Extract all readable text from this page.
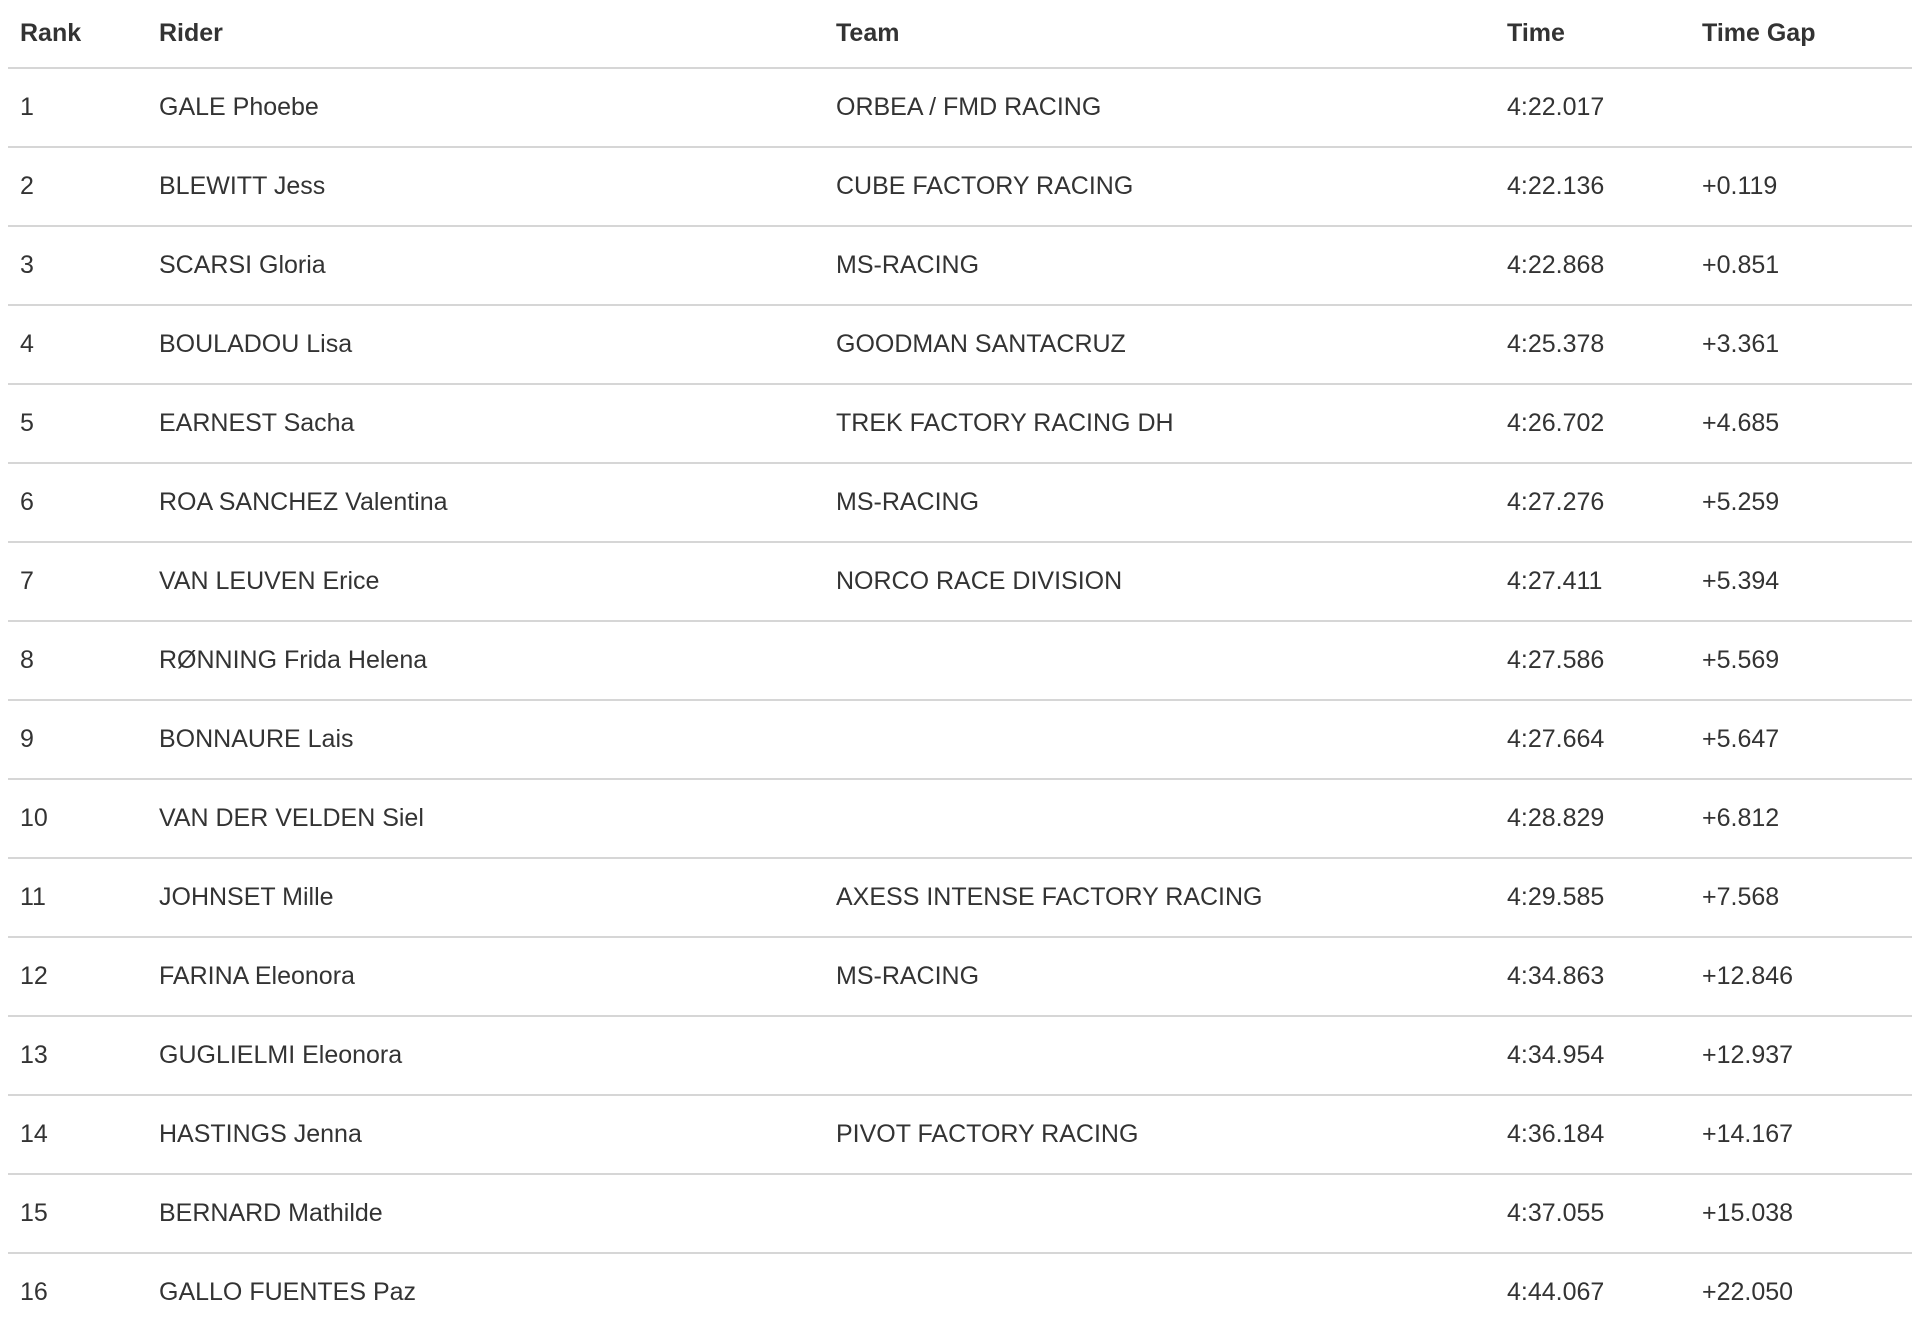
Rank	Rider	Team	Time	Time Gap
1	GALE Phoebe	ORBEA / FMD RACING	4:22.017	
2	BLEWITT Jess	CUBE FACTORY RACING	4:22.136	+0.119
3	SCARSI Gloria	MS-RACING	4:22.868	+0.851
4	BOULADOU Lisa	GOODMAN SANTACRUZ	4:25.378	+3.361
5	EARNEST Sacha	TREK FACTORY RACING DH	4:26.702	+4.685
6	ROA SANCHEZ Valentina	MS-RACING	4:27.276	+5.259
7	VAN LEUVEN Erice	NORCO RACE DIVISION	4:27.411	+5.394
8	RØNNING Frida Helena		4:27.586	+5.569
9	BONNAURE Lais		4:27.664	+5.647
10	VAN DER VELDEN Siel		4:28.829	+6.812
11	JOHNSET Mille	AXESS INTENSE FACTORY RACING	4:29.585	+7.568
12	FARINA Eleonora	MS-RACING	4:34.863	+12.846
13	GUGLIELMI Eleonora		4:34.954	+12.937
14	HASTINGS Jenna	PIVOT FACTORY RACING	4:36.184	+14.167
15	BERNARD Mathilde		4:37.055	+15.038
16	GALLO FUENTES Paz		4:44.067	+22.050
